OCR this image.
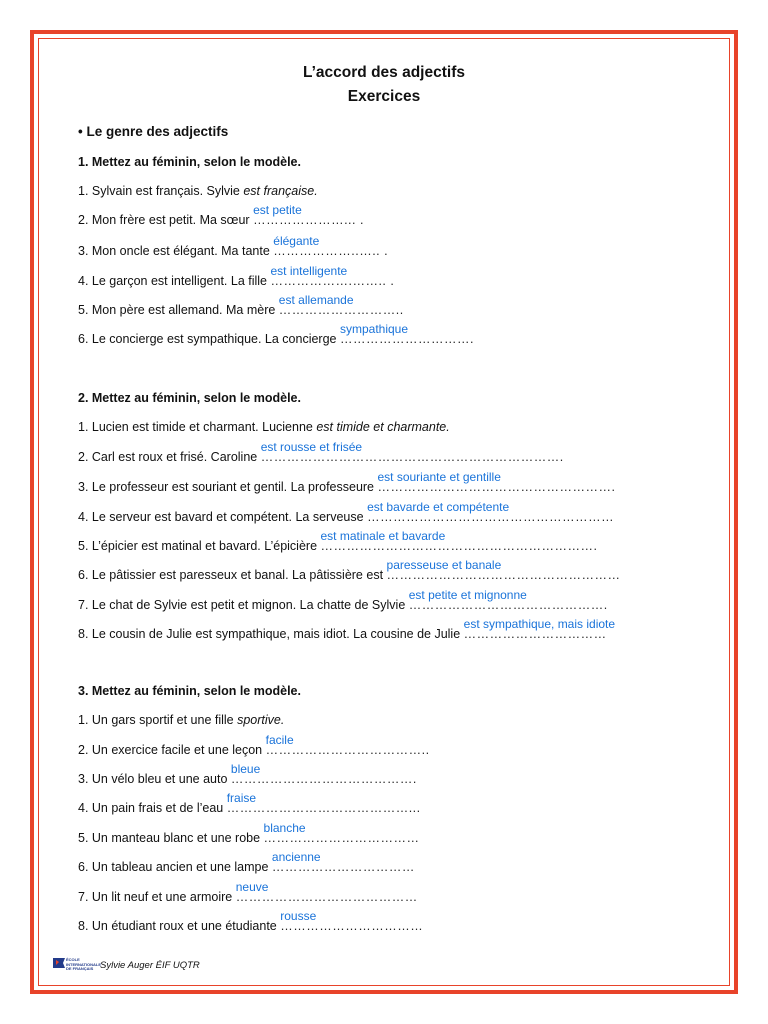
L’accord des adjectifs
Exercices
• Le genre des adjectifs
1. Mettez au féminin, selon le modèle.
1. Sylvain est français. Sylvie est française.
2. Mon frère est petit. Ma sœur
est petite
…………………... .
3. Mon oncle est élégant. Ma tante
élégante
………………..….. .
4. Le garçon est intelligent. La fille
est intelligente
……………….…….. .
5. Mon père est allemand. Ma mère
est allemande
………………………..
6. Le concierge est sympathique. La concierge
sympathique
………………………….
2. Mettez au féminin, selon le modèle.
1. Lucien est timide et charmant. Lucienne est timide et charmante.
2. Carl est roux et frisé. Caroline
est rousse et frisée
…………………………………………………………….
3. Le professeur est souriant et gentil. La professeure
est souriante et gentille
……………………………………………….
4. Le serveur est bavard et compétent. La serveuse
est bavarde et compétente
…………………………………………………
5. L’épicier est matinal et bavard. L’épicière
est matinale et bavarde
……………………………………………………….
6. Le pâtissier est paresseux et banal. La pâtissière est
paresseuse et banale
………………………………………………
7. Le chat de Sylvie est petit et mignon. La chatte de Sylvie
est petite et mignonne
……………………………………….
8. Le cousin de Julie est sympathique, mais idiot. La cousine de Julie
est sympathique, mais idiote
……………………………
3. Mettez au féminin, selon le modèle.
1. Un gars sportif et une fille sportive.
2. Un exercice facile et une leçon
facile
………………………………..
3. Un vélo bleu et une auto
bleue
…………………………………….
4. Un pain frais et de l’eau
fraise
……………………………………...
5. Un manteau blanc et une robe
blanche
………………………………
6. Un tableau ancien et une lampe
ancienne
……………………………
7. Un lit neuf et une armoire
neuve
……………………………………
8. Un étudiant roux et une étudiante
rousse
……………………………
ÉCOLE INTERNATIONALE DE FRANÇAIS Sylvie Auger ÉIF UQTR
